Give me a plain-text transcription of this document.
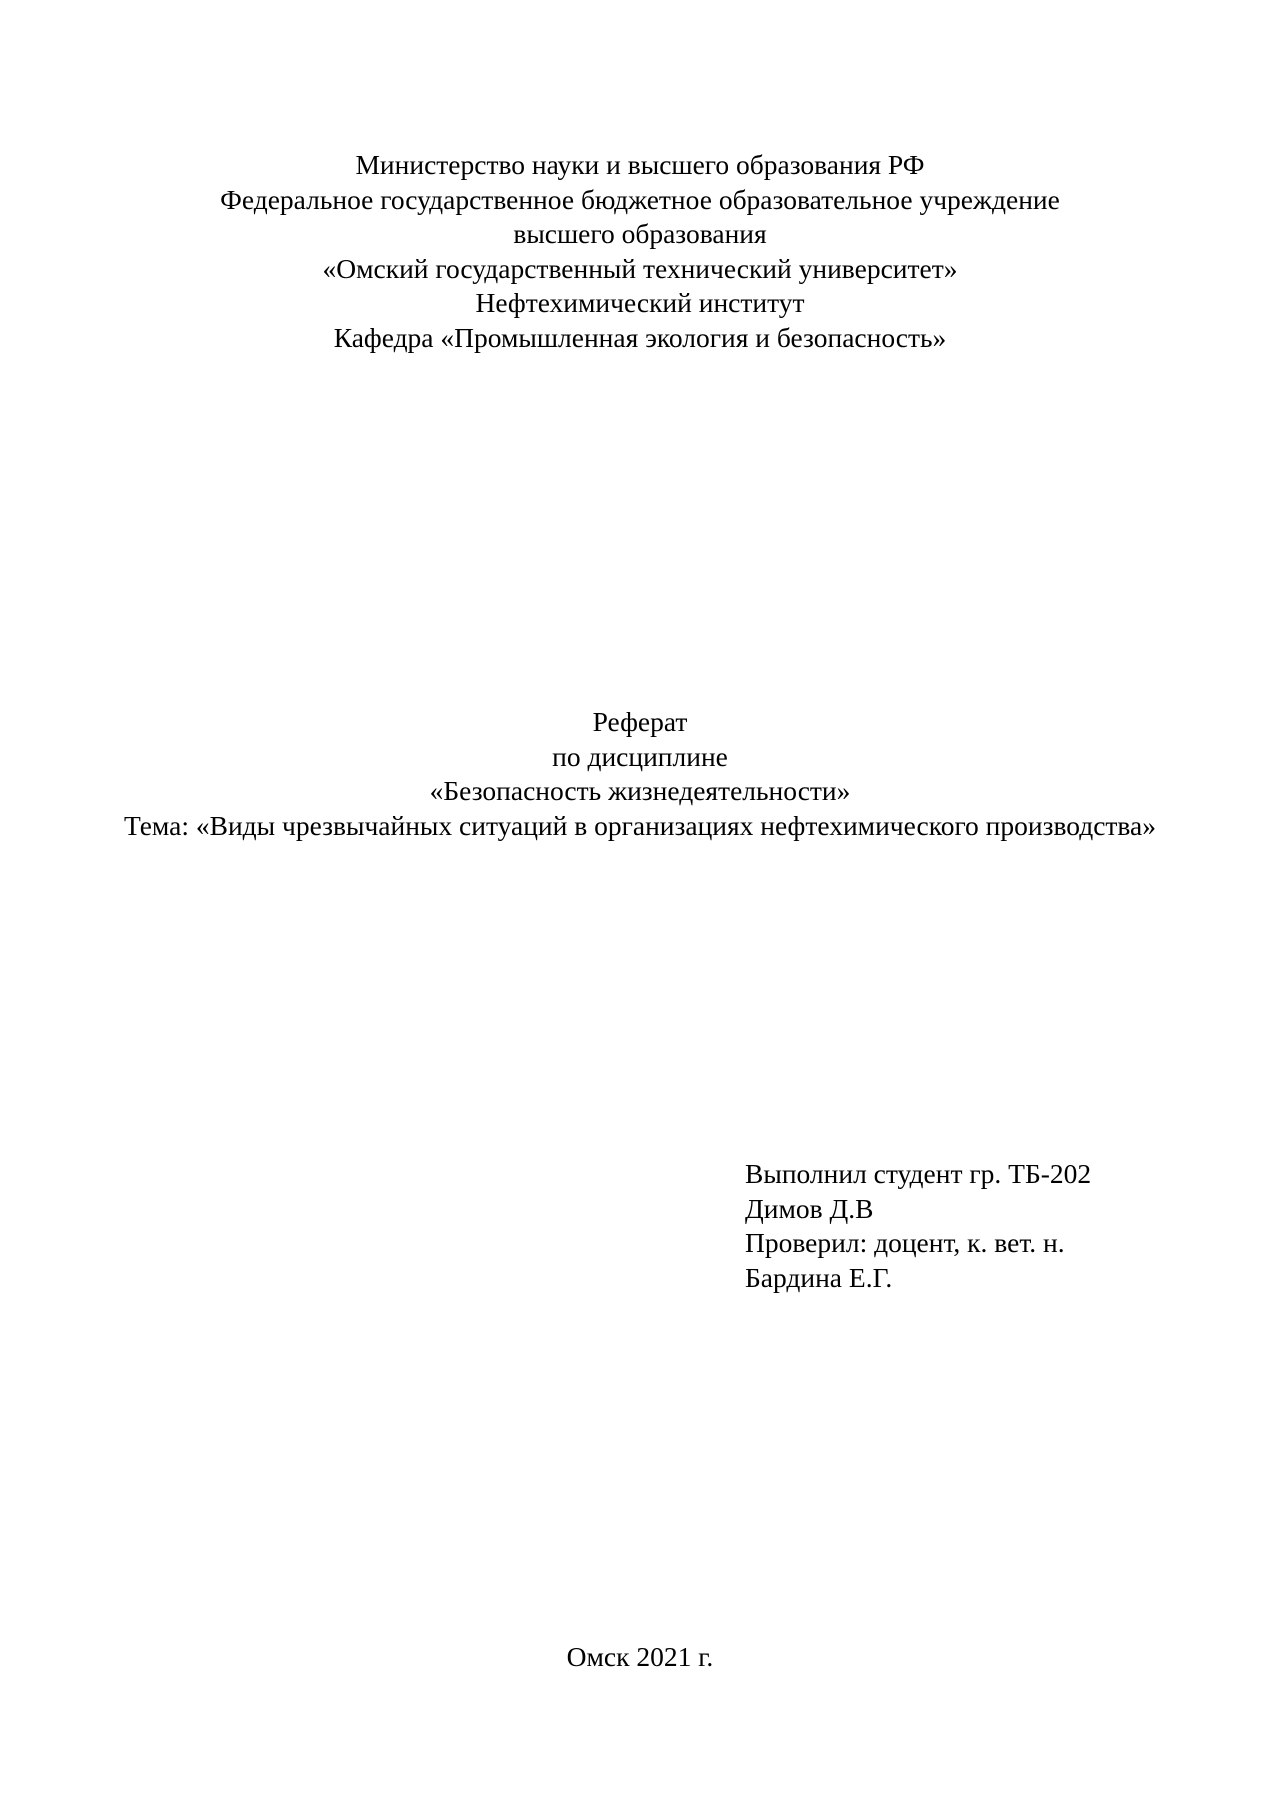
Министерство науки и высшего образования РФ
Федеральное государственное бюджетное образовательное учреждение
высшего образования
«Омский государственный технический университет»
Нефтехимический институт
Кафедра «Промышленная экология и безопасность»
Реферат
по дисциплине
«Безопасность жизнедеятельности»
Тема: «Виды чрезвычайных ситуаций в организациях нефтехимического производства»
Выполнил студент гр. ТБ-202
Димов Д.В
Проверил: доцент, к. вет. н.
Бардина Е.Г.
Омск 2021 г.
